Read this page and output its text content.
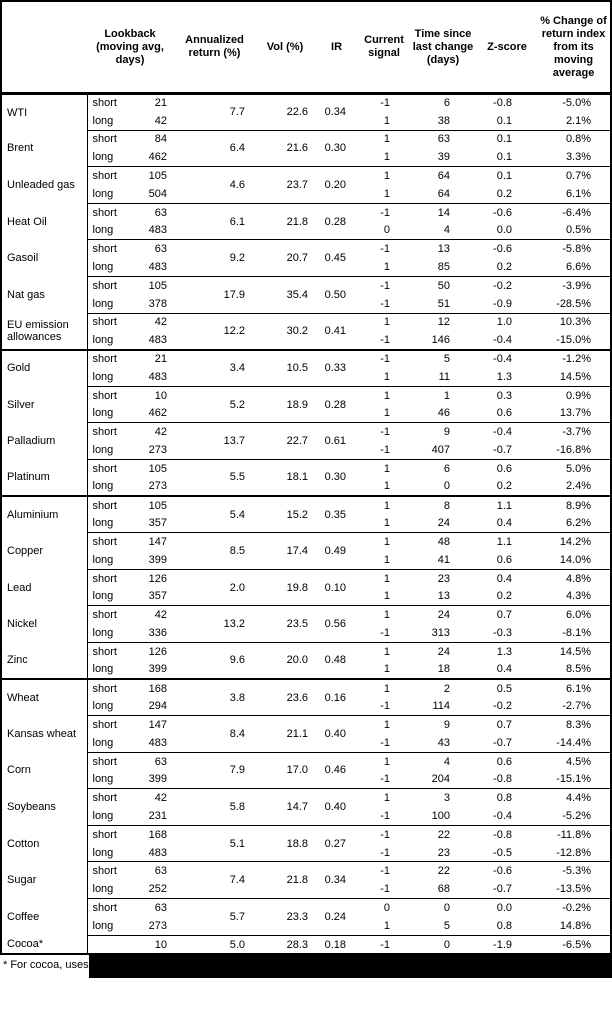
	Lookback (moving avg, days)		Annualized return (%)	Vol (%)	IR	Current signal	Time since last change (days)	Z-score	% Change of return index from its moving average
WTI	short	21	7.7	22.6	0.34	-1	6	-0.8	-5.0%
	long	42				1	38	0.1	2.1%
Brent	short	84	6.4	21.6	0.30	1	63	0.1	0.8%
	long	462				1	39	0.1	3.3%
Unleaded gas	short	105	4.6	23.7	0.20	1	64	0.1	0.7%
	long	504				1	64	0.2	6.1%
Heat Oil	short	63	6.1	21.8	0.28	-1	14	-0.6	-6.4%
	long	483				0	4	0.0	0.5%
Gasoil	short	63	9.2	20.7	0.45	-1	13	-0.6	-5.8%
	long	483				1	85	0.2	6.6%
Nat gas	short	105	17.9	35.4	0.50	-1	50	-0.2	-3.9%
	long	378				-1	51	-0.9	-28.5%
EU emission allowances	short	42	12.2	30.2	0.41	1	12	1.0	10.3%
	long	483				-1	146	-0.4	-15.0%
Gold	short	21	3.4	10.5	0.33	-1	5	-0.4	-1.2%
	long	483				1	11	1.3	14.5%
Silver	short	10	5.2	18.9	0.28	1	1	0.3	0.9%
	long	462				1	46	0.6	13.7%
Palladium	short	42	13.7	22.7	0.61	-1	9	-0.4	-3.7%
	long	273				-1	407	-0.7	-16.8%
Platinum	short	105	5.5	18.1	0.30	1	6	0.6	5.0%
	long	273				1	0	0.2	2.4%
Aluminium	short	105	5.4	15.2	0.35	1	8	1.1	8.9%
	long	357				1	24	0.4	6.2%
Copper	short	147	8.5	17.4	0.49	1	48	1.1	14.2%
	long	399				1	41	0.6	14.0%
Lead	short	126	2.0	19.8	0.10	1	23	0.4	4.8%
	long	357				1	13	0.2	4.3%
Nickel	short	42	13.2	23.5	0.56	1	24	0.7	6.0%
	long	336				-1	313	-0.3	-8.1%
Zinc	short	126	9.6	20.0	0.48	1	24	1.3	14.5%
	long	399				1	18	0.4	8.5%
Wheat	short	168	3.8	23.6	0.16	1	2	0.5	6.1%
	long	294				-1	114	-0.2	-2.7%
Kansas wheat	short	147	8.4	21.1	0.40	1	9	0.7	8.3%
	long	483				-1	43	-0.7	-14.4%
Corn	short	63	7.9	17.0	0.46	1	4	0.6	4.5%
	long	399				-1	204	-0.8	-15.1%
Soybeans	short	42	5.8	14.7	0.40	1	3	0.8	4.4%
	long	231				-1	100	-0.4	-5.2%
Cotton	short	168	5.1	18.8	0.27	-1	22	-0.8	-11.8%
	long	483				-1	23	-0.5	-12.8%
Sugar	short	63	7.4	21.8	0.34	-1	22	-0.6	-5.3%
	long	252				-1	68	-0.7	-13.5%
Coffee	short	63	5.7	23.3	0.24	0	0	0.0	-0.2%
	long	273				1	5	0.8	14.8%
Cocoa*		10	5.0	28.3	0.18	-1	0	-1.9	-6.5%
* For cocoa, uses
